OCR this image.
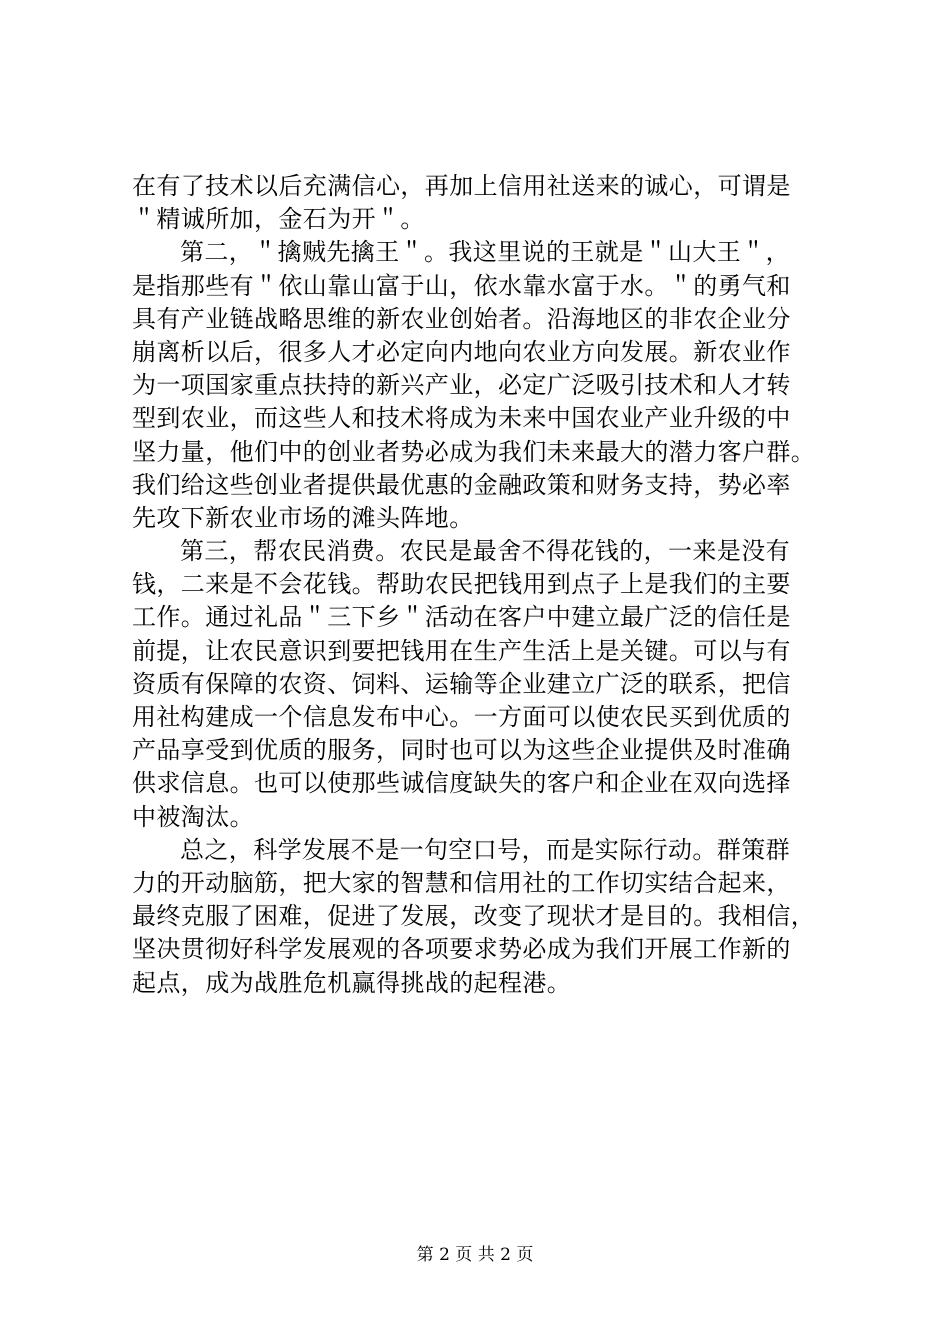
在有了技术以后充满信心，再加上信用社送来的诚心，可谓是
＂精诚所加，金石为开＂。
第二，＂擒贼先擒王＂。我这里说的王就是＂山大王＂，
是指那些有＂依山靠山富于山，依水靠水富于水。＂的勇气和
具有产业链战略思维的新农业创始者。沿海地区的非农企业分
崩离析以后，很多人才必定向内地向农业方向发展。新农业作
为一项国家重点扶持的新兴产业，必定广泛吸引技术和人才转
型到农业，而这些人和技术将成为未来中国农业产业升级的中
坚力量，他们中的创业者势必成为我们未来最大的潜力客户群。
我们给这些创业者提供最优惠的金融政策和财务支持，势必率
先攻下新农业市场的滩头阵地。
第三，帮农民消费。农民是最舍不得花钱的，一来是没有
钱，二来是不会花钱。帮助农民把钱用到点子上是我们的主要
工作。通过礼品＂三下乡＂活动在客户中建立最广泛的信任是
前提，让农民意识到要把钱用在生产生活上是关键。可以与有
资质有保障的农资、饲料、运输等企业建立广泛的联系，把信
用社构建成一个信息发布中心。一方面可以使农民买到优质的
产品享受到优质的服务，同时也可以为这些企业提供及时准确
供求信息。也可以使那些诚信度缺失的客户和企业在双向选择
中被淘汰。
总之，科学发展不是一句空口号，而是实际行动。群策群
力的开动脑筋，把大家的智慧和信用社的工作切实结合起来，
最终克服了困难，促进了发展，改变了现状才是目的。我相信，
坚决贯彻好科学发展观的各项要求势必成为我们开展工作新的
起点，成为战胜危机赢得挑战的起程港。
第 2 页 共 2 页
